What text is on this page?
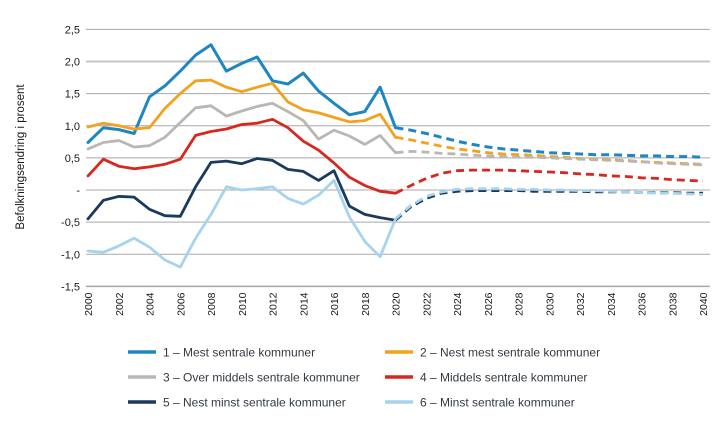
2,5
2,0
1,5
1,0
0,5
-
-0,5
-1,0
-1,5
2000 2002 2004 2006 2008 2010 2012 2014 2016 2018 2020 2022 2024 2026 2028 2030 2032 2034 2036 2038 2040
Befolkningsendring i prosent
1 – Mest sentrale kommuner	2 – Nest mest sentrale kommuner
3 – Over middels sentrale kommuner	4 – Middels sentrale kommuner
5 – Nest minst sentrale kommuner	6 – Minst sentrale kommuner
